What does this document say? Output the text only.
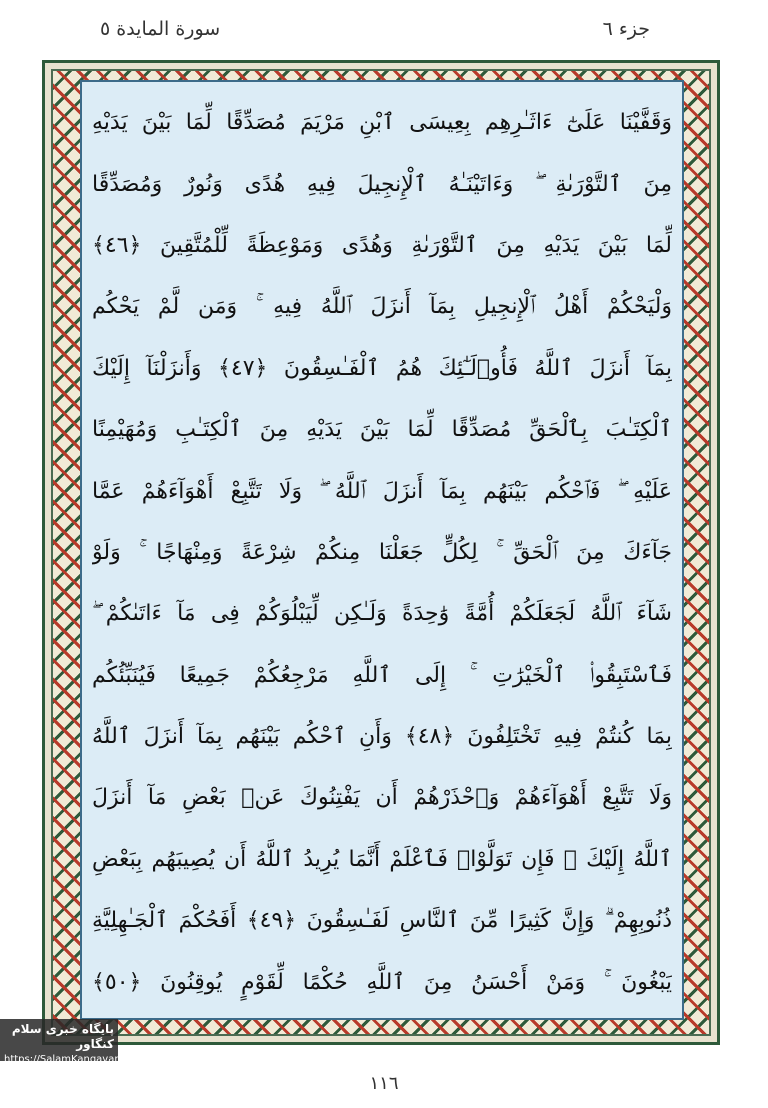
جزء ٦
سورة المايدة ٥
وَقَفَّيْنَا عَلَىٰٓ ءَاثَـٰرِهِم بِعِيسَى ٱبْنِ مَرْيَمَ مُصَدِّقًا لِّمَا بَيْنَ يَدَيْهِ
مِنَ ٱلتَّوْرَىٰةِ ۖ وَءَاتَيْنَـٰهُ ٱلْإِنجِيلَ فِيهِ هُدًى وَنُورٌ وَمُصَدِّقًا
لِّمَا بَيْنَ يَدَيْهِ مِنَ ٱلتَّوْرَىٰةِ وَهُدًى وَمَوْعِظَةً لِّلْمُتَّقِينَ ﴿٤٦﴾
وَلْيَحْكُمْ أَهْلُ ٱلْإِنجِيلِ بِمَآ أَنزَلَ ٱللَّهُ فِيهِ ۚ وَمَن لَّمْ يَحْكُم
بِمَآ أَنزَلَ ٱللَّهُ فَأُو۟لَـٰٓئِكَ هُمُ ٱلْفَـٰسِقُونَ ﴿٤٧﴾ وَأَنزَلْنَآ إِلَيْكَ
ٱلْكِتَـٰبَ بِٱلْحَقِّ مُصَدِّقًا لِّمَا بَيْنَ يَدَيْهِ مِنَ ٱلْكِتَـٰبِ وَمُهَيْمِنًا
عَلَيْهِ ۖ فَٱحْكُم بَيْنَهُم بِمَآ أَنزَلَ ٱللَّهُ ۖ وَلَا تَتَّبِعْ أَهْوَآءَهُمْ عَمَّا
جَآءَكَ مِنَ ٱلْحَقِّ ۚ لِكُلٍّ جَعَلْنَا مِنكُمْ شِرْعَةً وَمِنْهَاجًا ۚ وَلَوْ
شَآءَ ٱللَّهُ لَجَعَلَكُمْ أُمَّةً وَٰحِدَةً وَلَـٰكِن لِّيَبْلُوَكُمْ فِى مَآ ءَاتَىٰكُمْ ۖ
فَٱسْتَبِقُوا۟ ٱلْخَيْرَٰتِ ۚ إِلَى ٱللَّهِ مَرْجِعُكُمْ جَمِيعًا فَيُنَبِّئُكُم
بِمَا كُنتُمْ فِيهِ تَخْتَلِفُونَ ﴿٤٨﴾ وَأَنِ ٱحْكُم بَيْنَهُم بِمَآ أَنزَلَ ٱللَّهُ
وَلَا تَتَّبِعْ أَهْوَآءَهُمْ وَٱحْذَرْهُمْ أَن يَفْتِنُوكَ عَنۢ بَعْضِ مَآ أَنزَلَ
ٱللَّهُ إِلَيْكَ ۖ فَإِن تَوَلَّوْا۟ فَٱعْلَمْ أَنَّمَا يُرِيدُ ٱللَّهُ أَن يُصِيبَهُم بِبَعْضِ
ذُنُوبِهِمْ ۗ وَإِنَّ كَثِيرًا مِّنَ ٱلنَّاسِ لَفَـٰسِقُونَ ﴿٤٩﴾ أَفَحُكْمَ ٱلْجَـٰهِلِيَّةِ
يَبْغُونَ ۚ وَمَنْ أَحْسَنُ مِنَ ٱللَّهِ حُكْمًا لِّقَوْمٍ يُوقِنُونَ ﴿٥٠﴾
پایگاه خبری سلام کنگاور
https://SalamKangavar.ir
١١٦
